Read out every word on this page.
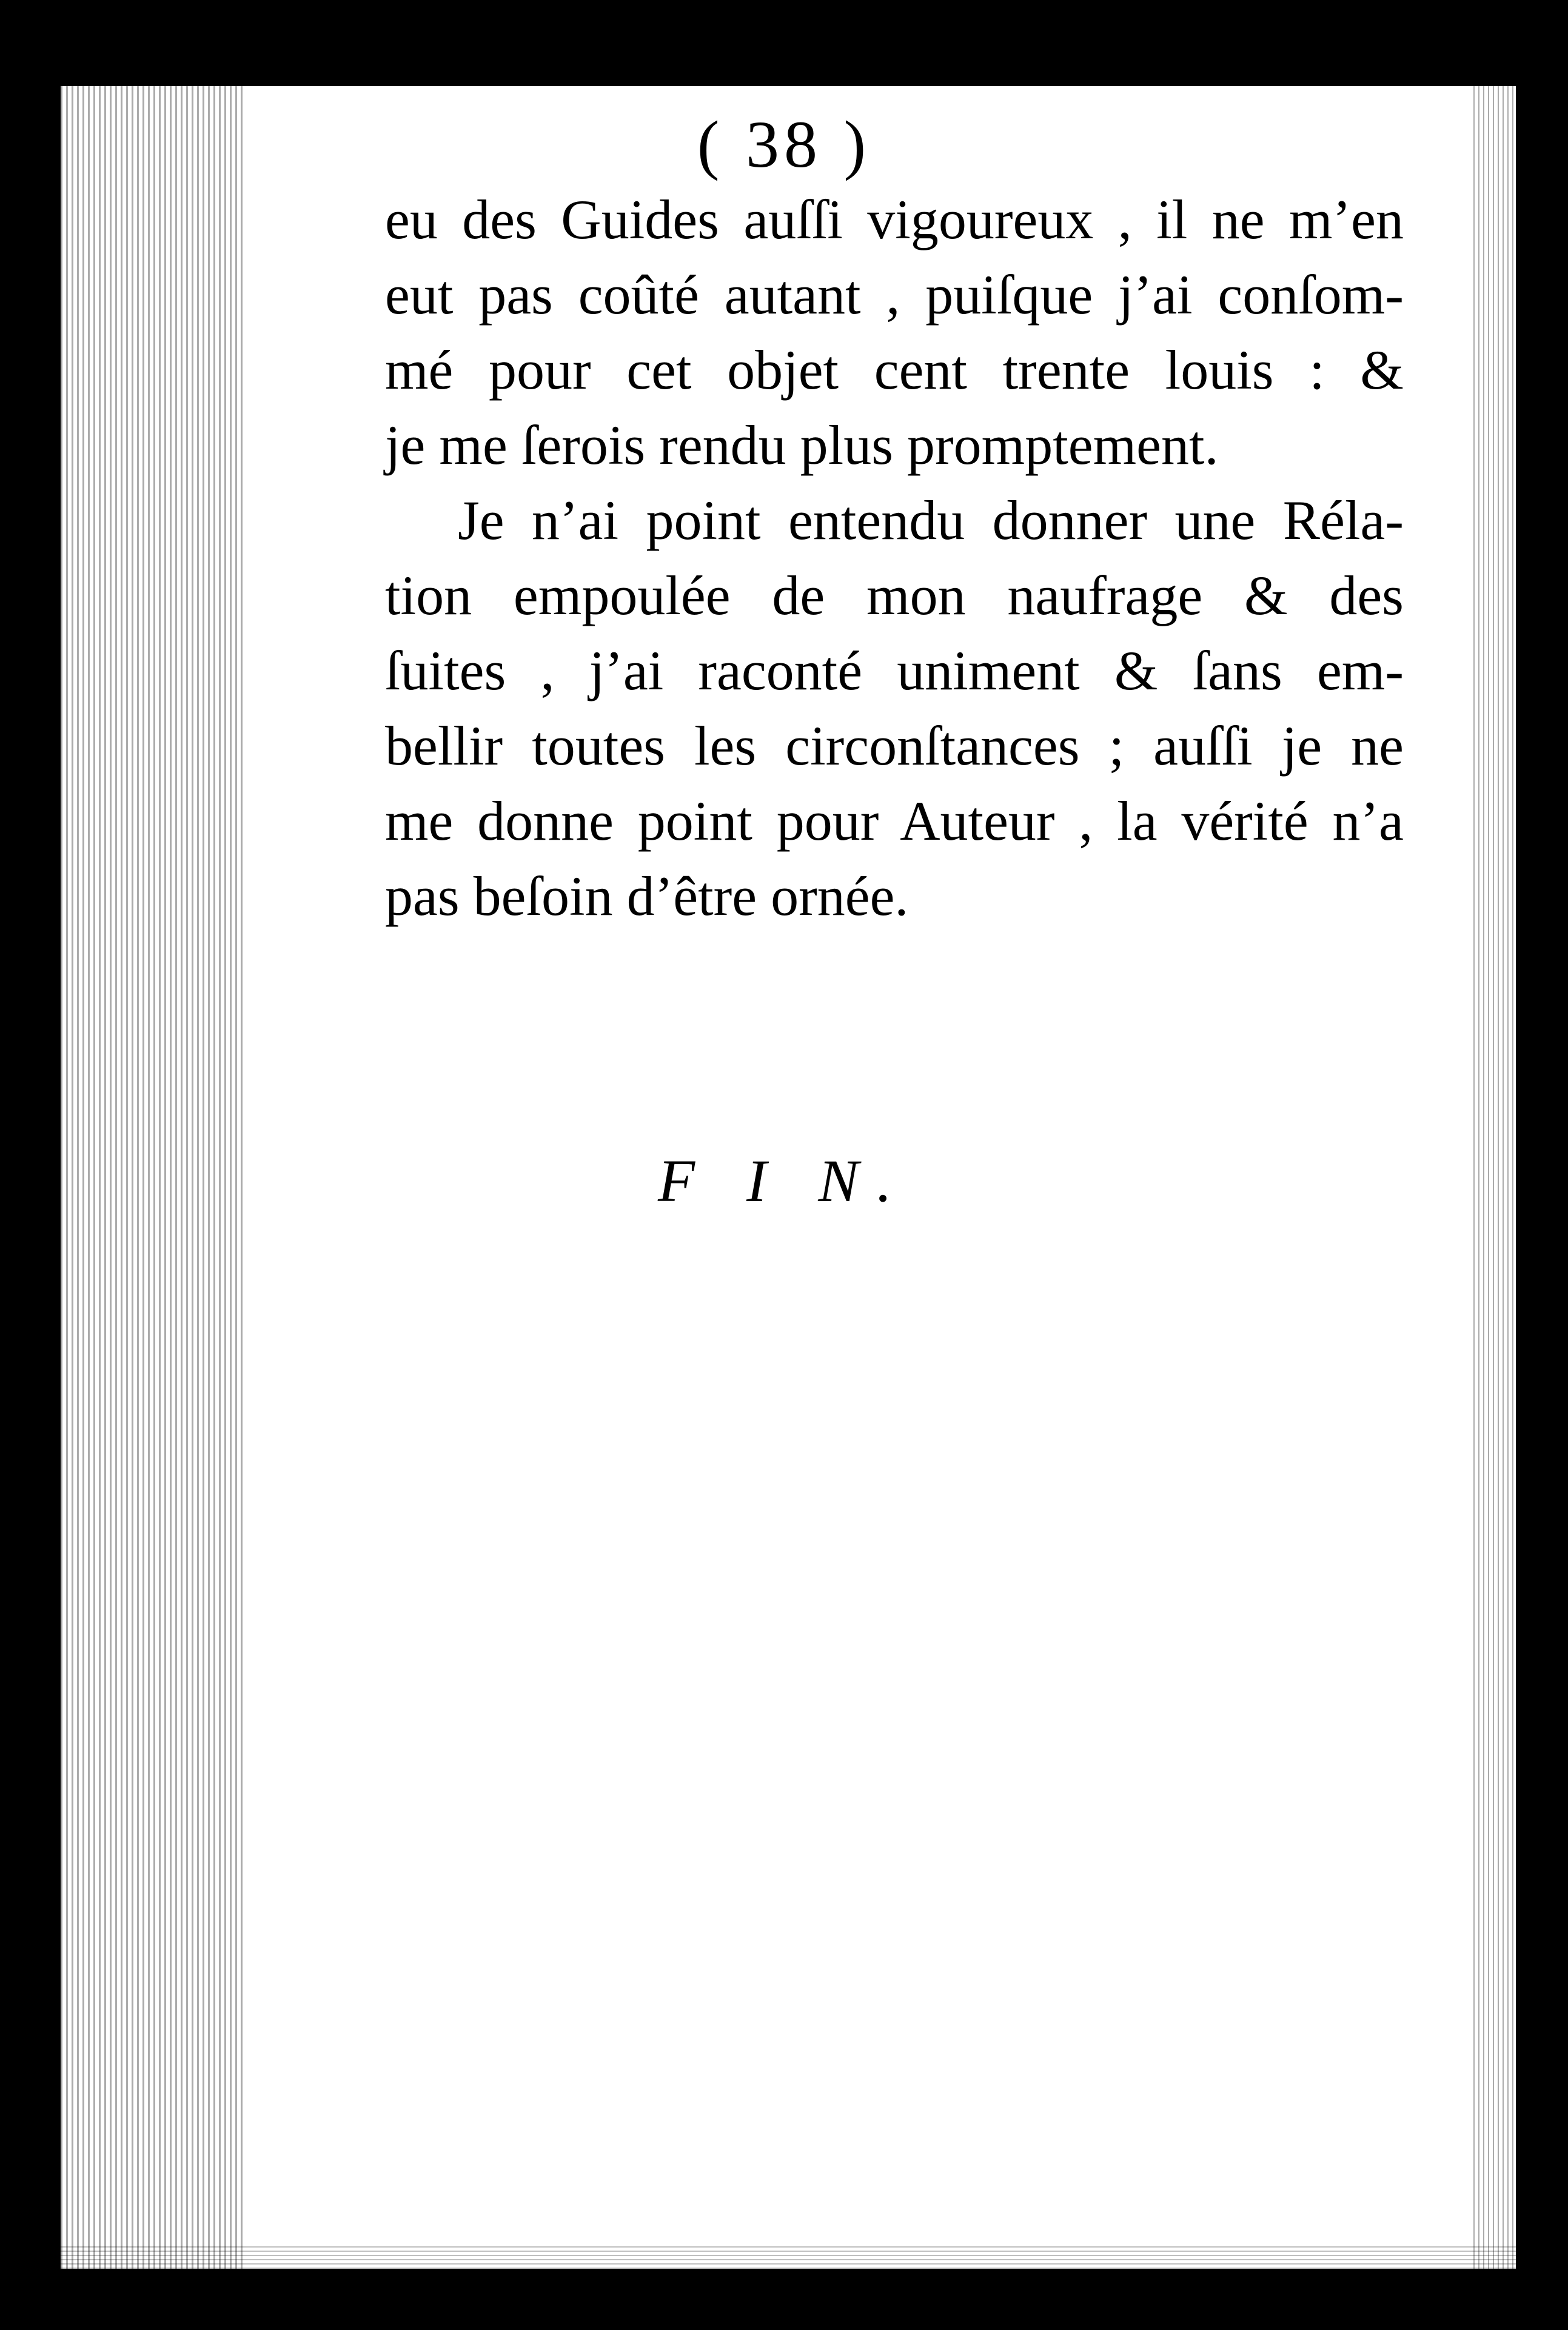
( 38 )
eu des Guides auſſi vigoureux , il ne m’en
eut pas coûté autant , puiſque j’ai conſom-
mé pour cet objet cent trente louis : &
je me ſerois rendu plus promptement.
Je n’ai point entendu donner une Réla-
tion empoulée de mon naufrage & des
ſuites , j’ai raconté uniment & ſans em-
bellir toutes les circonſtances ; auſſi je ne
me donne point pour Auteur , la vérité n’a
pas beſoin d’être ornée.
F I N.
